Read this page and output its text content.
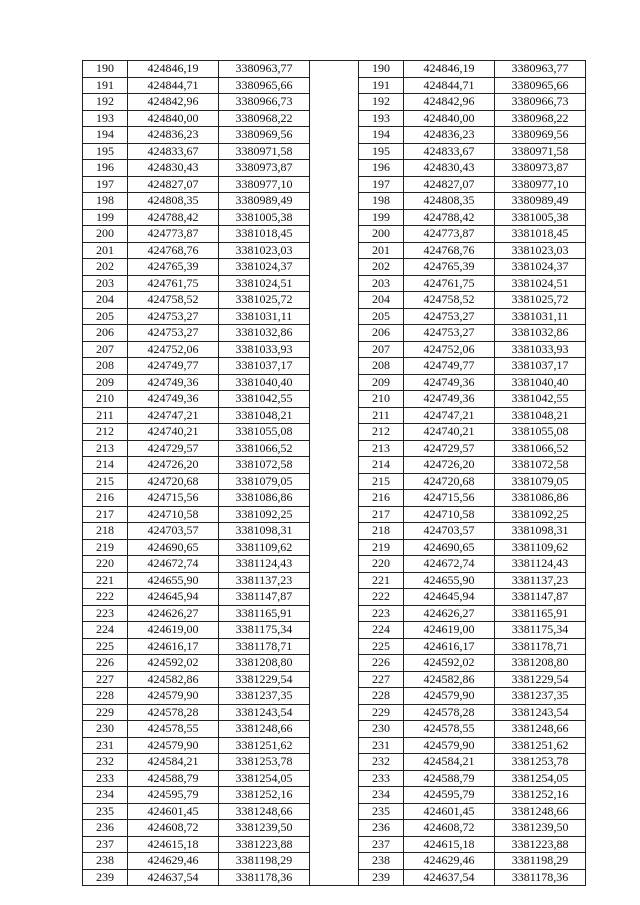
190	424846,19	3380963,77		190	424846,19	3380963,77
191	424844,71	3380965,66		191	424844,71	3380965,66
192	424842,96	3380966,73		192	424842,96	3380966,73
193	424840,00	3380968,22		193	424840,00	3380968,22
194	424836,23	3380969,56		194	424836,23	3380969,56
195	424833,67	3380971,58		195	424833,67	3380971,58
196	424830,43	3380973,87		196	424830,43	3380973,87
197	424827,07	3380977,10		197	424827,07	3380977,10
198	424808,35	3380989,49		198	424808,35	3380989,49
199	424788,42	3381005,38		199	424788,42	3381005,38
200	424773,87	3381018,45		200	424773,87	3381018,45
201	424768,76	3381023,03		201	424768,76	3381023,03
202	424765,39	3381024,37		202	424765,39	3381024,37
203	424761,75	3381024,51		203	424761,75	3381024,51
204	424758,52	3381025,72		204	424758,52	3381025,72
205	424753,27	3381031,11		205	424753,27	3381031,11
206	424753,27	3381032,86		206	424753,27	3381032,86
207	424752,06	3381033,93		207	424752,06	3381033,93
208	424749,77	3381037,17		208	424749,77	3381037,17
209	424749,36	3381040,40		209	424749,36	3381040,40
210	424749,36	3381042,55		210	424749,36	3381042,55
211	424747,21	3381048,21		211	424747,21	3381048,21
212	424740,21	3381055,08		212	424740,21	3381055,08
213	424729,57	3381066,52		213	424729,57	3381066,52
214	424726,20	3381072,58		214	424726,20	3381072,58
215	424720,68	3381079,05		215	424720,68	3381079,05
216	424715,56	3381086,86		216	424715,56	3381086,86
217	424710,58	3381092,25		217	424710,58	3381092,25
218	424703,57	3381098,31		218	424703,57	3381098,31
219	424690,65	3381109,62		219	424690,65	3381109,62
220	424672,74	3381124,43		220	424672,74	3381124,43
221	424655,90	3381137,23		221	424655,90	3381137,23
222	424645,94	3381147,87		222	424645,94	3381147,87
223	424626,27	3381165,91		223	424626,27	3381165,91
224	424619,00	3381175,34		224	424619,00	3381175,34
225	424616,17	3381178,71		225	424616,17	3381178,71
226	424592,02	3381208,80		226	424592,02	3381208,80
227	424582,86	3381229,54		227	424582,86	3381229,54
228	424579,90	3381237,35		228	424579,90	3381237,35
229	424578,28	3381243,54		229	424578,28	3381243,54
230	424578,55	3381248,66		230	424578,55	3381248,66
231	424579,90	3381251,62		231	424579,90	3381251,62
232	424584,21	3381253,78		232	424584,21	3381253,78
233	424588,79	3381254,05		233	424588,79	3381254,05
234	424595,79	3381252,16		234	424595,79	3381252,16
235	424601,45	3381248,66		235	424601,45	3381248,66
236	424608,72	3381239,50		236	424608,72	3381239,50
237	424615,18	3381223,88		237	424615,18	3381223,88
238	424629,46	3381198,29		238	424629,46	3381198,29
239	424637,54	3381178,36		239	424637,54	3381178,36
